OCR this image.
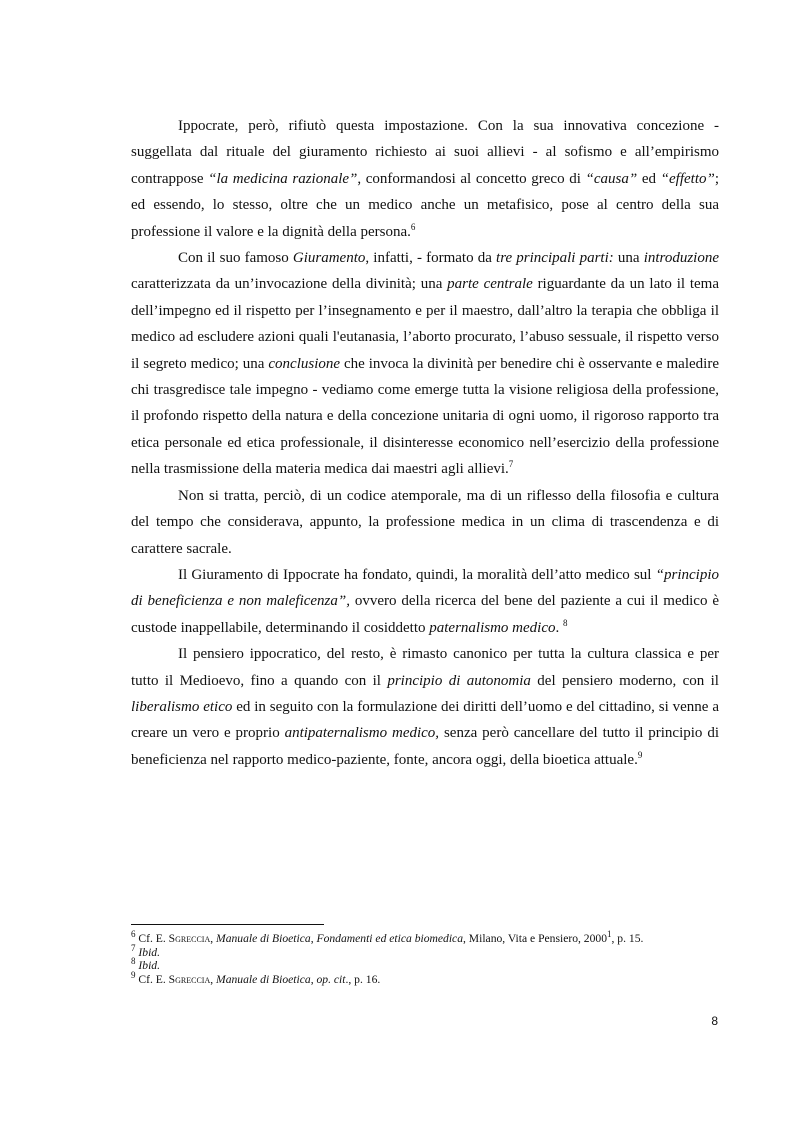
Ippocrate, però, rifiutò questa impostazione. Con la sua innovativa concezione - suggellata dal rituale del giuramento richiesto ai suoi allievi - al sofismo e all’empirismo contrappose “la medicina razionale”, conformandosi al concetto greco di “causa” ed “effetto”; ed essendo, lo stesso, oltre che un medico anche un metafisico, pose al centro della sua professione il valore e la dignità della persona.$^6$

Con il suo famoso Giuramento, infatti, - formato da tre principali parti: una introduzione caratterizzata da un’invocazione della divinità; una parte centrale riguardante da un lato il tema dell’impegno ed il rispetto per l’insegnamento e per il maestro, dall’altro la terapia che obbliga il medico ad escludere azioni quali l'eutanasia, l’aborto procurato, l’abuso sessuale, il rispetto verso il segreto medico; una conclusione che invoca la divinità per benedire chi è osservante e maledire chi trasgredisce tale impegno - vediamo come emerge tutta la visione religiosa della professione, il profondo rispetto della natura e della concezione unitaria di ogni uomo, il rigoroso rapporto tra etica personale ed etica professionale, il disinteresse economico nell’esercizio della professione nella trasmissione della materia medica dai maestri agli allievi.$^7$

Non si tratta, perciò, di un codice atemporale, ma di un riflesso della filosofia e cultura del tempo che considerava, appunto, la professione medica in un clima di trascendenza e di carattere sacrale.

Il Giuramento di Ippocrate ha fondato, quindi, la moralità dell’atto medico sul “principio di beneficienza e non maleficenza”, ovvero della ricerca del bene del paziente a cui il medico è custode inappellabile, determinando il cosiddetto paternalismo medico. $^8$

Il pensiero ippocratico, del resto, è rimasto canonico per tutta la cultura classica e per tutto il Medioevo, fino a quando con il principio di autonomia del pensiero moderno, con il liberalismo etico ed in seguito con la formulazione dei diritti dell’uomo e del cittadino, si venne a creare un vero e proprio antipaternalismo medico, senza però cancellare del tutto il principio di beneficienza nel rapporto medico-paziente, fonte, ancora oggi, della bioetica attuale.$^9$

$^6$ Cf. E. Sgreccia, Manuale di Bioetica, Fondamenti ed etica biomedica, Milano, Vita e Pensiero, 2000$^1$, p. 15.

$^7$ Ibid.

$^8$ Ibid.

$^9$ Cf. E. Sgreccia, Manuale di Bioetica, op. cit., p. 16.

8
